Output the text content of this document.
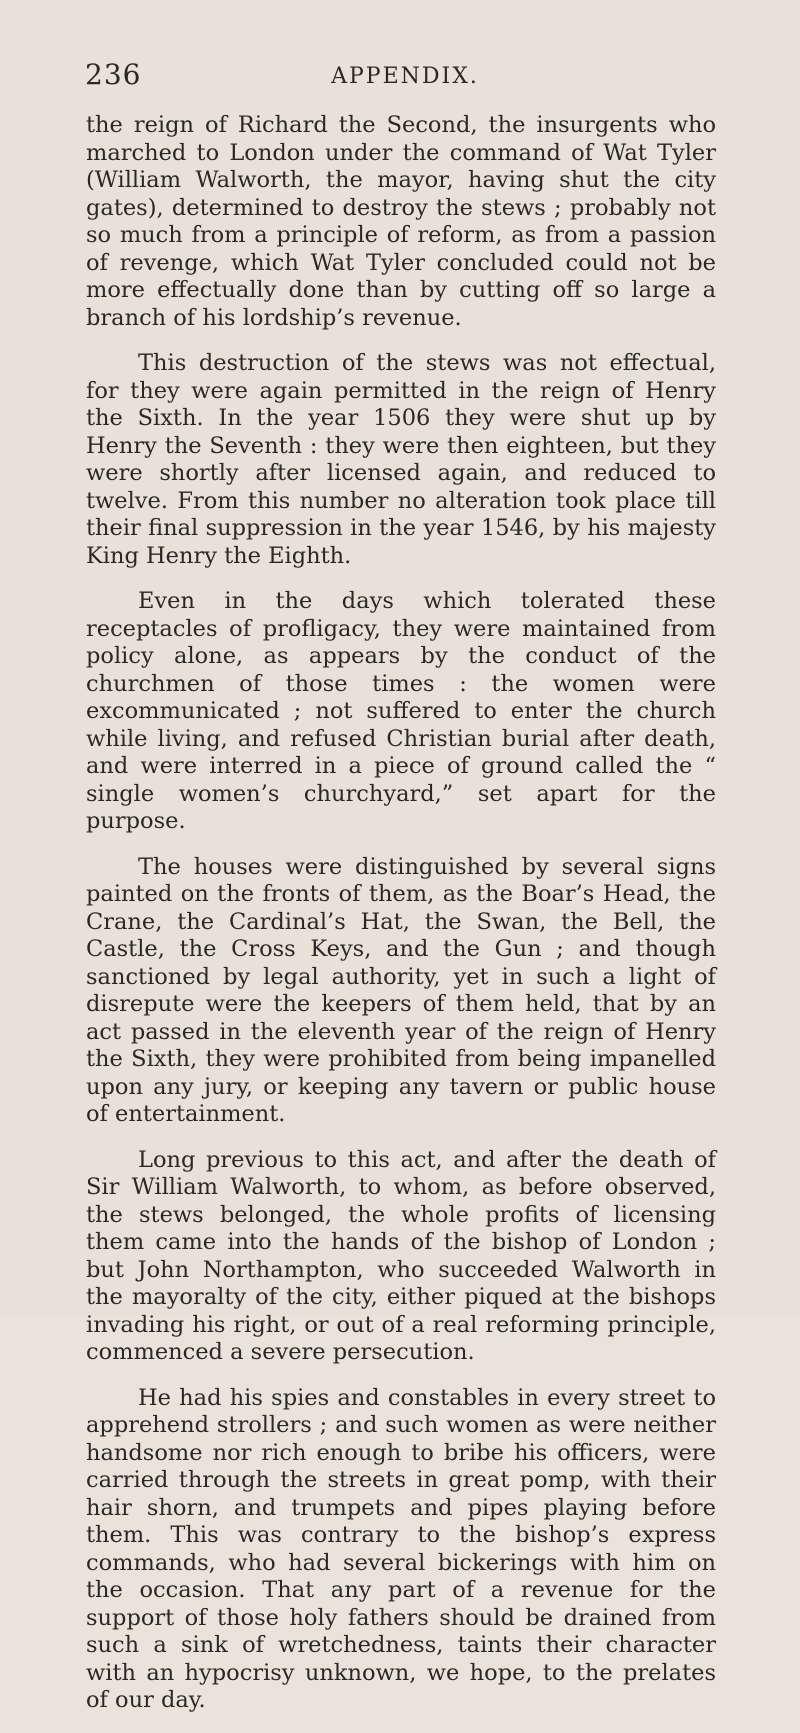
236	APPENDIX.

the reign of Richard the Second, the insurgents who marched to London under the command of Wat Tyler (William Walworth, the mayor, having shut the city gates), determined to destroy the stews ; probably not so much from a principle of reform, as from a passion of revenge, which Wat Tyler concluded could not be more effectually done than by cutting off so large a branch of his lordship’s revenue.

This destruction of the stews was not effectual, for they were again permitted in the reign of Henry the Sixth. In the year 1506 they were shut up by Henry the Seventh : they were then eighteen, but they were shortly after licensed again, and reduced to twelve. From this number no alteration took place till their final suppression in the year 1546, by his majesty King Henry the Eighth.

Even in the days which tolerated these receptacles of profligacy, they were maintained from policy alone, as appears by the conduct of the churchmen of those times : the women were excommunicated ; not suffered to enter the church while living, and refused Christian burial after death, and were interred in a piece of ground called the “ single women’s churchyard,” set apart for the purpose.

The houses were distinguished by several signs painted on the fronts of them, as the Boar’s Head, the Crane, the Cardinal’s Hat, the Swan, the Bell, the Castle, the Cross Keys, and the Gun ; and though sanctioned by legal authority, yet in such a light of disrepute were the keepers of them held, that by an act passed in the eleventh year of the reign of Henry the Sixth, they were prohibited from being impanelled upon any jury, or keeping any tavern or public house of entertainment.

Long previous to this act, and after the death of Sir William Walworth, to whom, as before observed, the stews belonged, the whole profits of licensing them came into the hands of the bishop of London ; but John Northampton, who succeeded Walworth in the mayoralty of the city, either piqued at the bishops invading his right, or out of a real reforming principle, commenced a severe persecution.

He had his spies and constables in every street to apprehend strollers ; and such women as were neither handsome nor rich enough to bribe his officers, were carried through the streets in great pomp, with their hair shorn, and trumpets and pipes playing before them. This was contrary to the bishop’s express commands, who had several bickerings with him on the occasion. That any part of a revenue for the support of those holy fathers should be drained from such a sink of wretchedness, taints their character with an hypocrisy unknown, we hope, to the prelates of our day.
